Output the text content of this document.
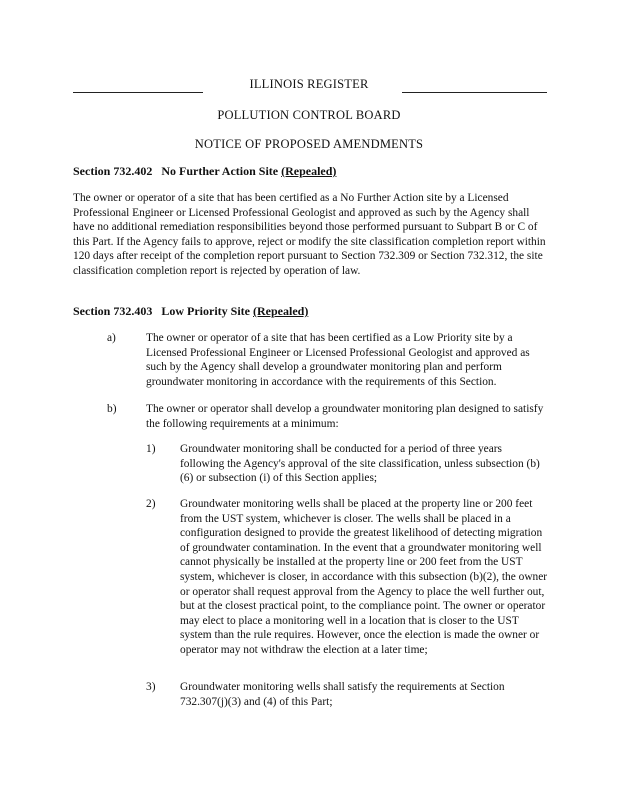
ILLINOIS REGISTER
POLLUTION CONTROL BOARD
NOTICE OF PROPOSED AMENDMENTS
Section 732.402 No Further Action Site (Repealed)

The owner or operator of a site that has been certified as a No Further Action site by a Licensed Professional Engineer or Licensed Professional Geologist and approved as such by the Agency shall have no additional remediation responsibilities beyond those performed pursuant to Subpart B or C of this Part. If the Agency fails to approve, reject or modify the site classification completion report within 120 days after receipt of the completion report pursuant to Section 732.309 or Section 732.312, the site classification completion report is rejected by operation of law.

Section 732.403 Low Priority Site (Repealed)
a)	The owner or operator of a site that has been certified as a Low Priority site by a Licensed Professional Engineer or Licensed Professional Geologist and approved as such by the Agency shall develop a groundwater monitoring plan and perform groundwater monitoring in accordance with the requirements of this Section.

b)	The owner or operator shall develop a groundwater monitoring plan designed to satisfy the following requirements at a minimum:

1) Groundwater monitoring shall be conducted for a period of three years following the Agency's approval of the site classification, unless subsection (b)(6) or subsection (i) of this Section applies;

2) Groundwater monitoring wells shall be placed at the property line or 200 feet from the UST system, whichever is closer. The wells shall be placed in a configuration designed to provide the greatest likelihood of detecting migration of groundwater contamination. In the event that a groundwater monitoring well cannot physically be installed at the property line or 200 feet from the UST system, whichever is closer, in accordance with this subsection (b)(2), the owner or operator shall request approval from the Agency to place the well further out, but at the closest practical point, to the compliance point. The owner or operator may elect to place a monitoring well in a location that is closer to the UST system than the rule requires. However, once the election is made the owner or operator may not withdraw the election at a later time;

3) Groundwater monitoring wells shall satisfy the requirements at Section 732.307(j)(3) and (4) of this Part;
